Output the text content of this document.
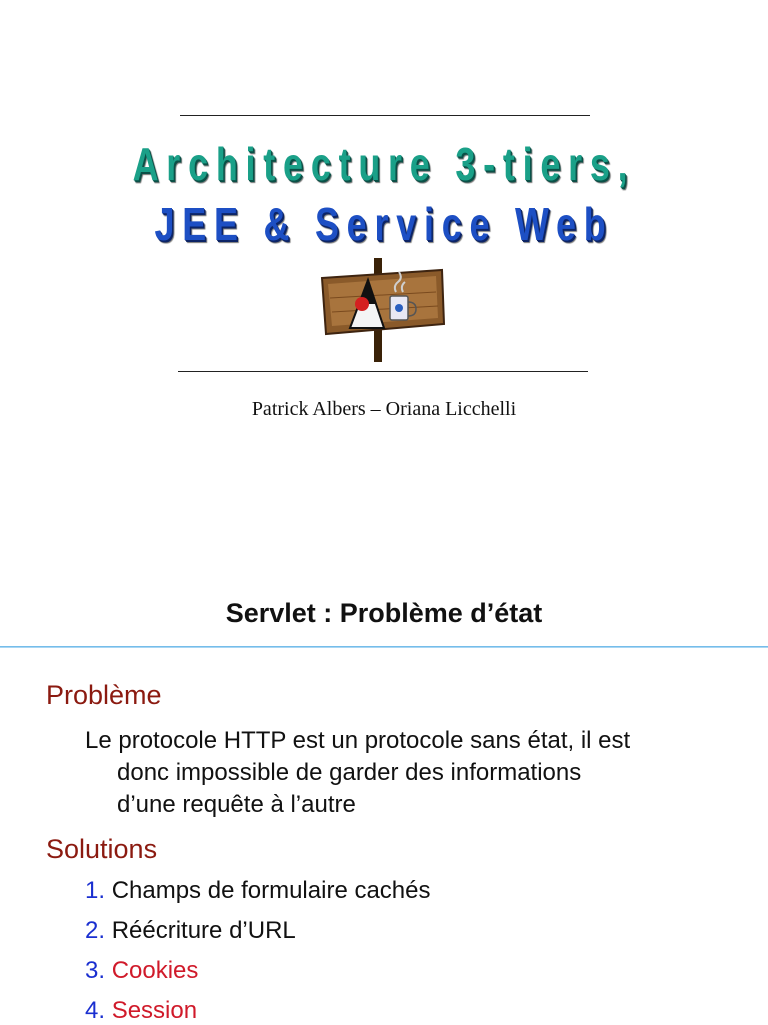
Architecture 3-tiers,
JEE & Service Web
Patrick Albers – Oriana Licchelli
Servlet : Problème d’état
Problème
Le protocole HTTP est un protocole sans état, il est
donc impossible de garder des informations
d’une requête à l’autre
Solutions
1. Champs de formulaire cachés
2. Réécriture d’URL
3. Cookies
4. Session
